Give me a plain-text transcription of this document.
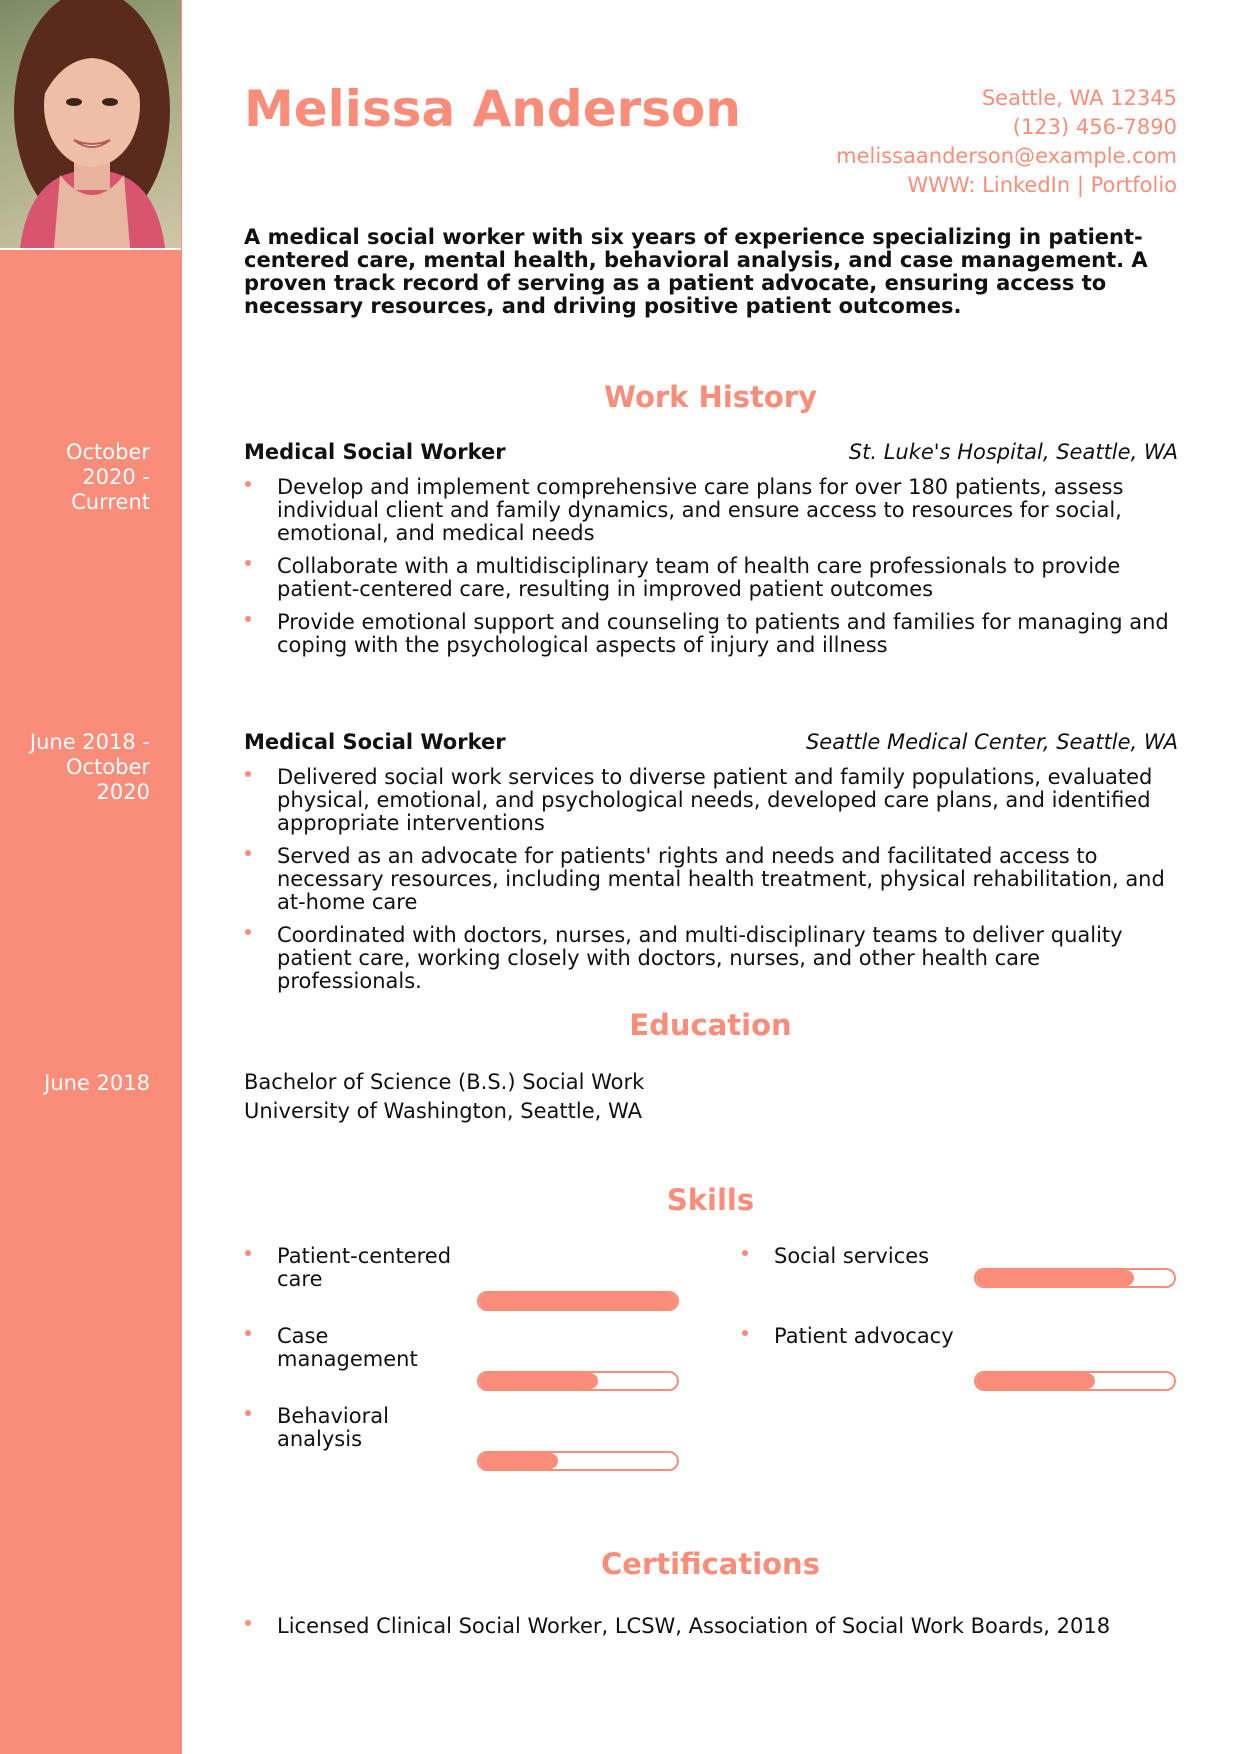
Melissa Anderson	Seattle, WA 12345
(123) 456-7890
melissaanderson@example.com
WWW: LinkedIn | Portfolio

A medical social worker with six years of experience specializing in patient-centered care, mental health, behavioral analysis, and case management. A proven track record of serving as a patient advocate, ensuring access to necessary resources, and driving positive patient outcomes.

Work History
October 2020 - Current
Medical Social Worker	St. Luke's Hospital, Seattle, WA
Develop and implement comprehensive care plans for over 180 patients, assess individual client and family dynamics, and ensure access to resources for social, emotional, and medical needs
Collaborate with a multidisciplinary team of health care professionals to provide patient-centered care, resulting in improved patient outcomes
Provide emotional support and counseling to patients and families for managing and coping with the psychological aspects of injury and illness
June 2018 - October 2020
Medical Social Worker	Seattle Medical Center, Seattle, WA
Delivered social work services to diverse patient and family populations, evaluated physical, emotional, and psychological needs, developed care plans, and identified appropriate interventions
Served as an advocate for patients' rights and needs and facilitated access to necessary resources, including mental health treatment, physical rehabilitation, and at-home care
Coordinated with doctors, nurses, and multi-disciplinary teams to deliver quality patient care, working closely with doctors, nurses, and other health care professionals.
Education
June 2018	Bachelor of Science (B.S.) Social Work
University of Washington, Seattle, WA
Skills
Patient-centered care
Social services
Case management
Patient advocacy
Behavioral analysis
Certifications
Licensed Clinical Social Worker, LCSW, Association of Social Work Boards, 2018
